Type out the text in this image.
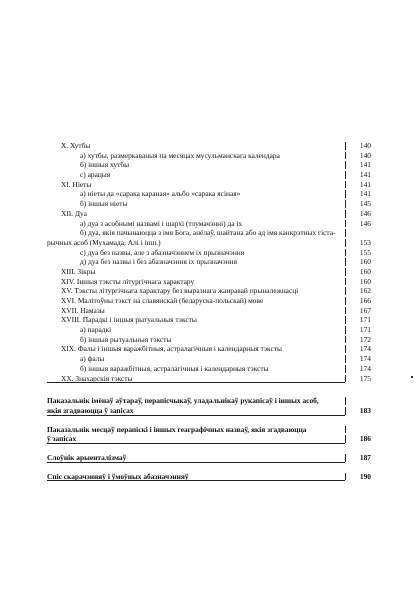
X. Хутбы	140
а) хутбы, размеркаваныя па месяцах мусульманскага календара	140
б) іншыя хутбы	141
с) арацыя	141
XI. Ніеты	141
а) ніеты да «сарака караная» альбо «сарака ясіная»	141
б) іншыя ніеты	145
XII. Дуа	146
а) дуа з асобнымі назвамі і шархі (тлумачэнні) да іх	146
б) дуа, якія пачынаюцца з імя Бога, анёлаў, шайтана або ад імя канкрэтных гіста-
рычных асоб (Мухамада, Алі і інш.)	153
с) дуа без назвы, але з абазначэннем іх прызначэння	155
д) дуа без назвы і без абазначэння іх прызначэння	160
XIII. Зікры	160
XIV. Іншыя тэксты літургічнага характару	160
XV. Тэксты літургічнага характару без выразнага жанравай прыналежнасці	162
XVI. Малітоўны тэкст на славянскай (беларуска-польскай) мове	166
XVII. Намазы	167
XVIII. Парадкі і іншыя рытуальныя тэксты	171
а) парадкі	171
б) іншыя рытуальныя тэксты	172
XIX. Фалы і іншыя варажбітныя, астралагічныя і календарныя тэксты	174
а) фалы	174
б) іншыя варажбітныя, астралагічныя і календарныя тэксты	174
XX. Знахарскія тэксты	175
Паказальнік імёнаў аўтараў, перапісчыкаў, уладальнікаў рукапісаў і іншых асоб,
якія згадваюцца ў запісах	183
Паказальнік месцаў перапіскі і іншых геаграфічных назваў, якія згадваюцца
ў запісах	186
Слоўнік арыенталізмаў	187
Спіс скарачэнняў і ўмоўных абазначэнняў	190
